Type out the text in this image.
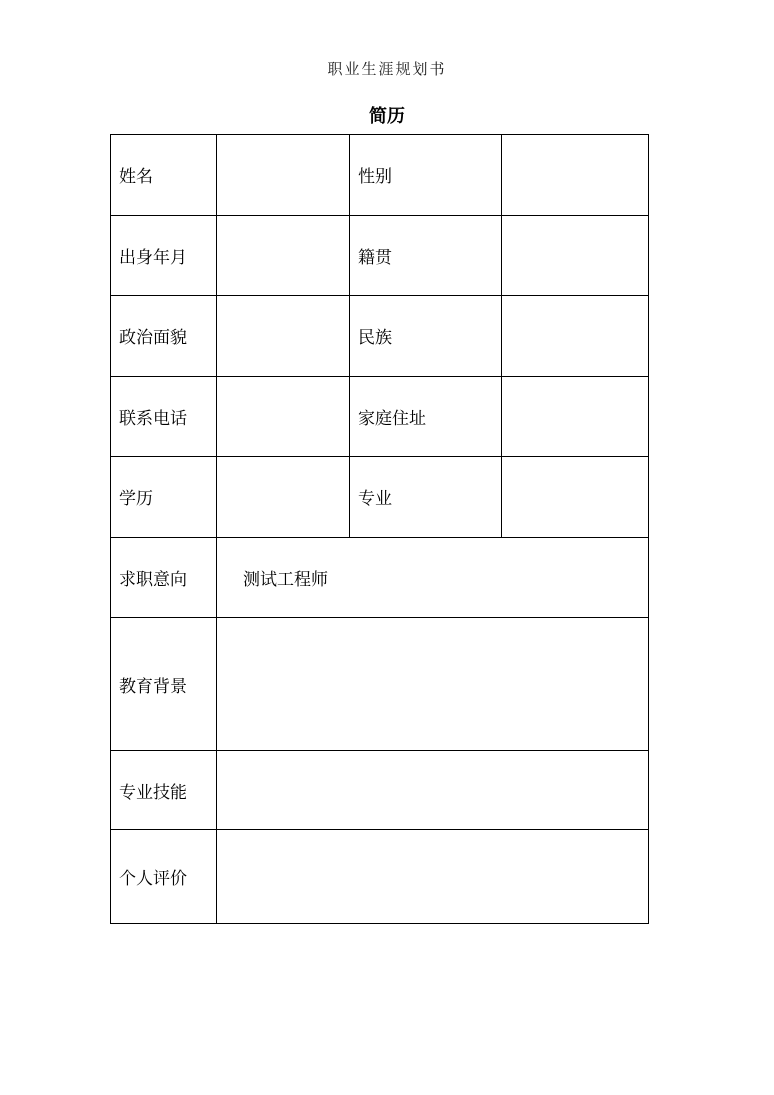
职业生涯规划书
简历
姓名		性别	
出身年月		籍贯	
政治面貌		民族	
联系电话		家庭住址	
学历		专业	
求职意向	测试工程师		
教育背景			
专业技能			
个人评价			
